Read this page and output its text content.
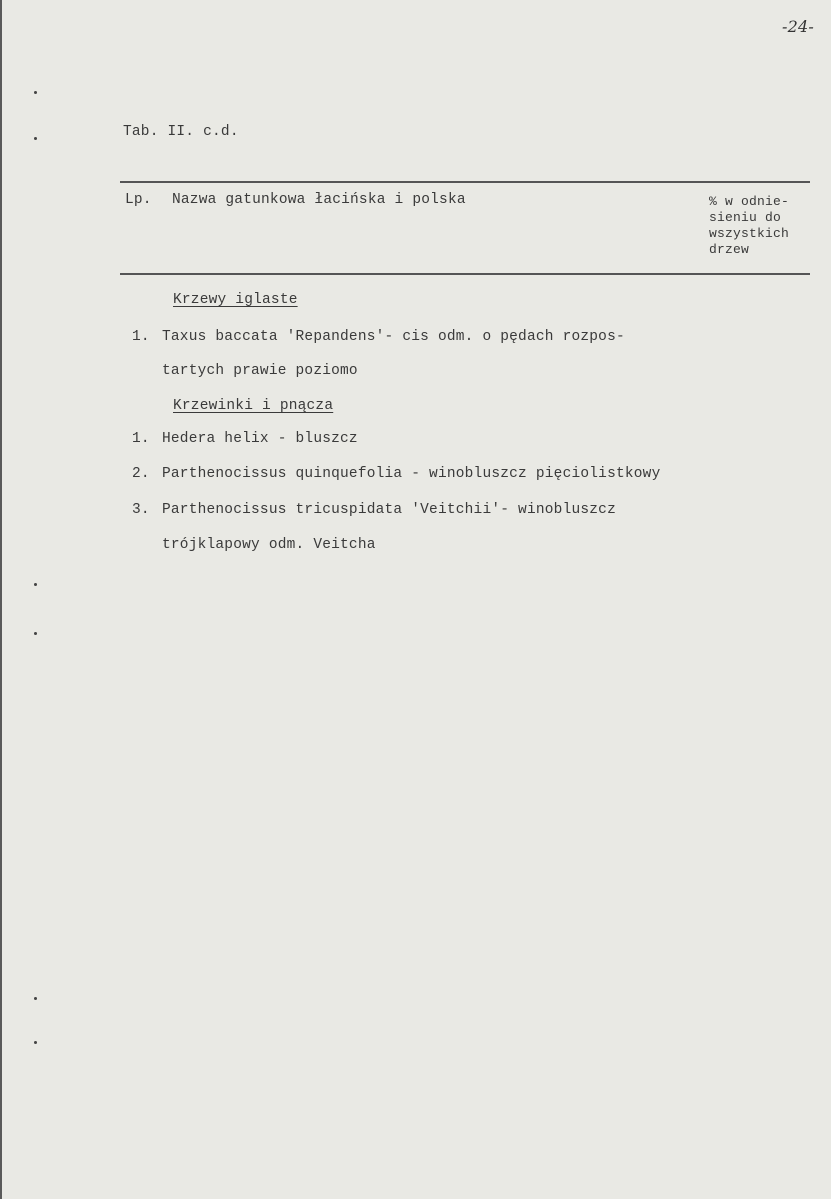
-24-
Tab. II. c.d.
Lp. Nazwa gatunkowa łacińska i polska	% w odnie-
sieniu do
wszystkich
drzew
Krzewy iglaste
1. Taxus baccata 'Repandens'- cis odm. o pędach rozpos-
tartych prawie poziomo
Krzewinki i pnącza
1. Hedera helix - bluszcz
2. Parthenocissus quinquefolia - winobluszcz pięciolistkowy
3. Parthenocissus tricuspidata 'Veitchii'- winobluszcz
trójklapowy odm. Veitcha
